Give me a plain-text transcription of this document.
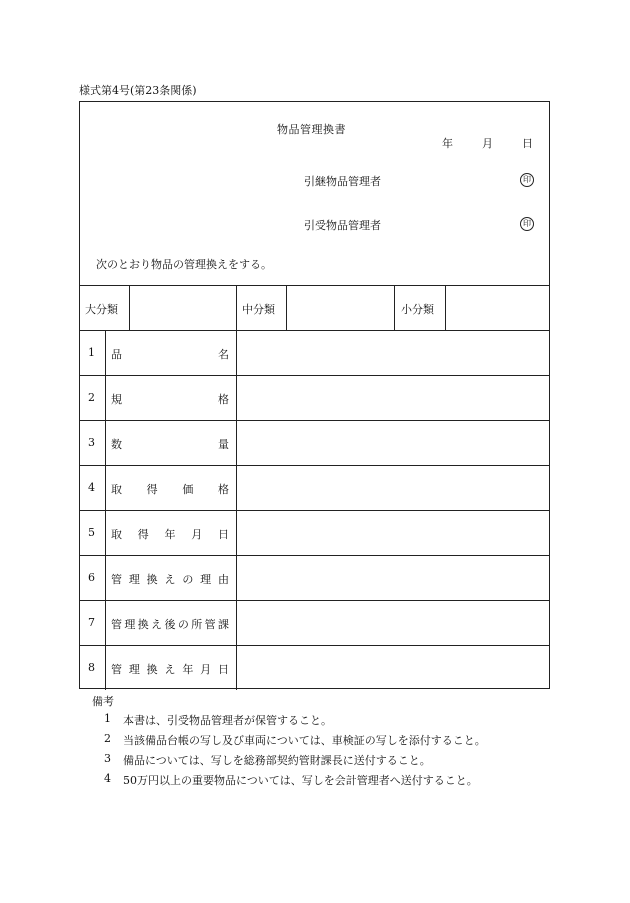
様式第4号(第23条関係)
物品管理換書
年	月	日
引継物品管理者	印
引受物品管理者	印
次のとおり物品の管理換えをする。
大分類	中分類	小分類
1 品	名
2 規	格
3 数	量
4 取 得 価 格
5 取 得 年 月 日
6 管 理 換 え の 理 由
7 管 理 換 え 後 の 所 管 課
8 管 理 換 え 年 月 日
備考
1 本書は、引受物品管理者が保管すること。
2 当該備品台帳の写し及び車両については、車検証の写しを添付すること。
3 備品については、写しを総務部契約管財課長に送付すること。
4 50万円以上の重要物品については、写しを会計管理者へ送付すること。
